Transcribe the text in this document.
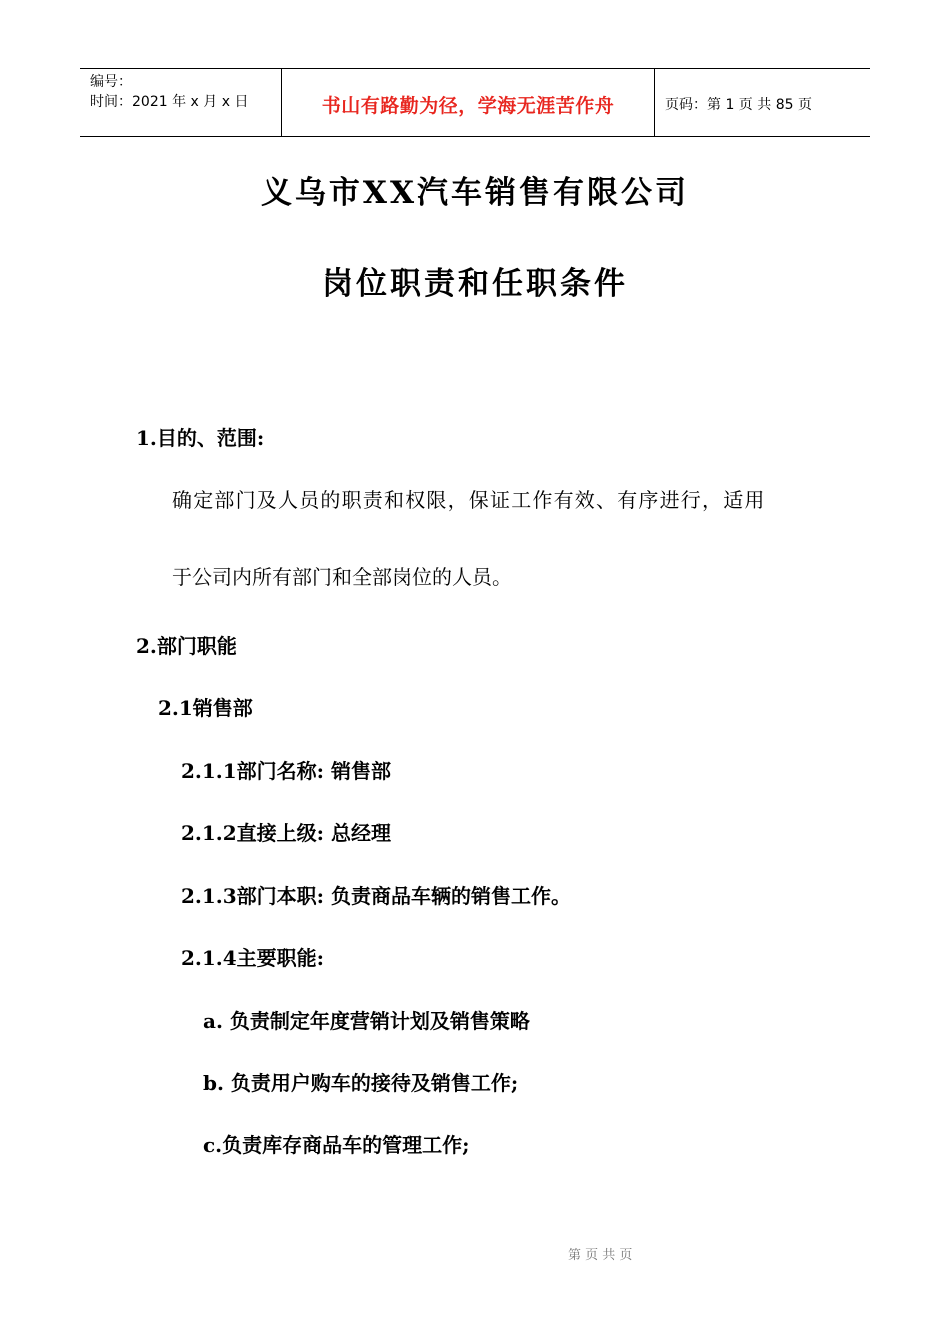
编号：
时间：2021 年 x 月 x 日	书山有路勤为径，学海无涯苦作舟	页码：第 1 页 共 85 页
义乌市XX汽车销售有限公司
岗位职责和任职条件
1.目的、范围:
确定部门及人员的职责和权限，保证工作有效、有序进行，适用
于公司内所有部门和全部岗位的人员。
2.部门职能
2.1销售部
2.1.1部门名称: 销售部
2.1.2直接上级: 总经理
2.1.3部门本职: 负责商品车辆的销售工作。
2.1.4主要职能:
a. 负责制定年度营销计划及销售策略
b. 负责用户购车的接待及销售工作;
c.负责库存商品车的管理工作;
第 页 共 页
